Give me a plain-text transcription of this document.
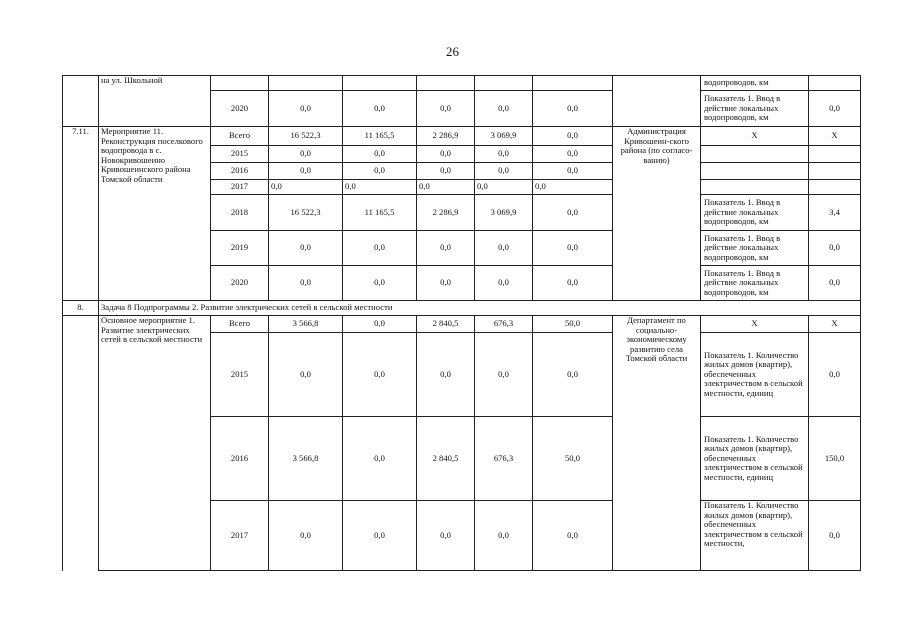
26
	на ул. Школьной								водопроводов, км	
		2020	0,0	0,0	0,0	0,0	0,0		Показатель 1. Ввод в действие локальных водопроводов, км	0,0
7.11.	Мероприятие 11. Реконструкция поселкового водопровода в с. Новокривошеино Кривошеинского района Томской области	Всего	16 522,3	11 165,5	2 286,9	3 069,9	0,0	Администрация Кривошеин-ского района (по согласо-ванию)	X	X
		2015	0,0	0,0	0,0	0,0	0,0			
		2016	0,0	0,0	0,0	0,0	0,0			
		2017	0,0	0,0	0,0	0,0	0,0			
		2018	16 522,3	11 165,5	2 286,9	3 069,9	0,0		Показатель 1. Ввод в действие локальных водопроводов, км	3,4
		2019	0,0	0,0	0,0	0,0	0,0		Показатель 1. Ввод в действие локальных водопроводов, км	0,0
		2020	0,0	0,0	0,0	0,0	0,0		Показатель 1. Ввод в действие локальных водопроводов, км	0,0
8.	Задача 8 Подпрограммы 2. Развитие электрических сетей в сельской местности									
	Основное мероприятие 1. Развитие электрических сетей в сельской местности	Всего	3 566,8	0,0	2 840,5	676,3	50,0	Департамент по социально-экономическому развитию села Томской области	X	X
		2015	0,0	0,0	0,0	0,0	0,0		Показатель 1. Количество жилых домов (квартир), обеспеченных электричеством в сельской местности, единиц	0,0
		2016	3 566,8	0,0	2 840,5	676,3	50,0		Показатель 1. Количество жилых домов (квартир), обеспеченных электричеством в сельской местности, единиц	150,0
		2017	0,0	0,0	0,0	0,0	0,0		Показатель 1. Количество жилых домов (квартир), обеспеченных электричеством в сельской местности,	0,0
